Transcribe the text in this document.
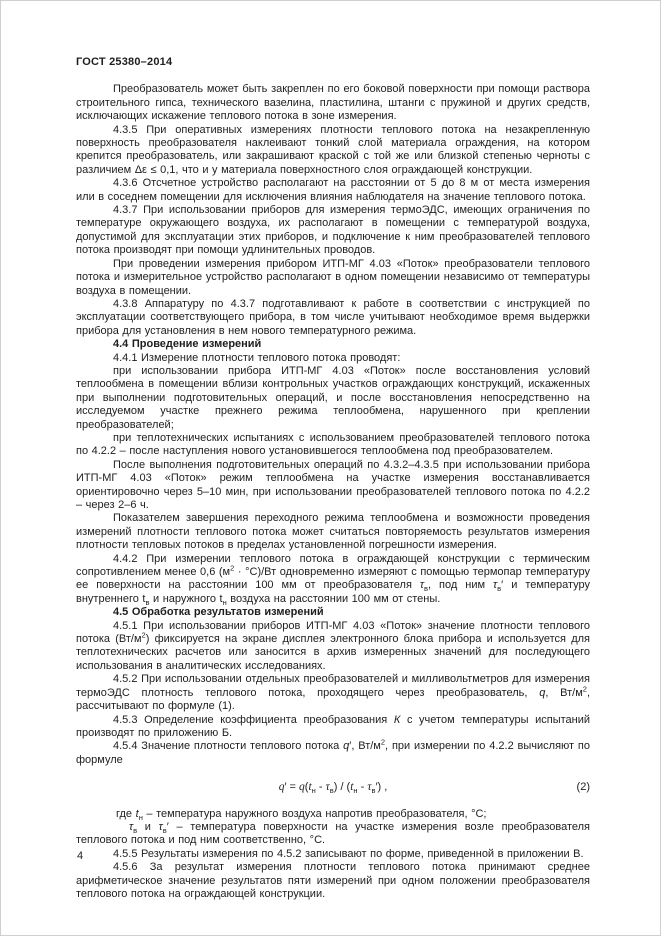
ГОСТ 25380–2014

Преобразователь может быть закреплен по его боковой поверхности при помощи раствора строительного гипса, технического вазелина, пластилина, штанги с пружиной и других средств, исключающих искажение теплового потока в зоне измерения.

4.3.5 При оперативных измерениях плотности теплового потока на незакрепленную поверхность преобразователя наклеивают тонкий слой материала ограждения, на котором крепится преобразователь, или закрашивают краской с той же или близкой степенью черноты с различием Δε ≤ 0,1, что и у материала поверхностного слоя ограждающей конструкции.

4.3.6 Отсчетное устройство располагают на расстоянии от 5 до 8 м от места измерения или в соседнем помещении для исключения влияния наблюдателя на значение теплового потока.

4.3.7 При использовании приборов для измерения термоЭДС, имеющих ограничения по температуре окружающего воздуха, их располагают в помещении с температурой воздуха, допустимой для эксплуатации этих приборов, и подключение к ним преобразователей теплового потока производят при помощи удлинительных проводов.

При проведении измерения прибором ИТП-МГ 4.03 «Поток» преобразователи теплового потока и измерительное устройство располагают в одном помещении независимо от температуры воздуха в помещении.

4.3.8 Аппаратуру по 4.3.7 подготавливают к работе в соответствии с инструкцией по эксплуатации соответствующего прибора, в том числе учитывают необходимое время выдержки прибора для установления в нем нового температурного режима.

4.4 Проведение измерений

4.4.1 Измерение плотности теплового потока проводят:

при использовании прибора ИТП-МГ 4.03 «Поток» после восстановления условий теплообмена в помещении вблизи контрольных участков ограждающих конструкций, искаженных при выполнении подготовительных операций, и после восстановления непосредственно на исследуемом участке прежнего режима теплообмена, нарушенного при креплении преобразователей;

при теплотехнических испытаниях с использованием преобразователей теплового потока по 4.2.2 – после наступления нового установившегося теплообмена под преобразователем.

После выполнения подготовительных операций по 4.3.2–4.3.5 при использовании прибора ИТП-МГ 4.03 «Поток» режим теплообмена на участке измерения восстанавливается ориентировочно через 5–10 мин, при использовании преобразователей теплового потока по 4.2.2 – через 2–6 ч.

Показателем завершения переходного режима теплообмена и возможности проведения измерений плотности теплового потока может считаться повторяемость результатов измерения плотности тепловых потоков в пределах установленной погрешности измерения.

4.4.2 При измерении теплового потока в ограждающей конструкции с термическим сопротивлением менее 0,6 $(м^2 \cdot ^\circ С)/Вт$ одновременно измеряют с помощью термопар температуру ее поверхности на расстоянии 100 мм от преобразователя $\tau_в$, под ним $\tau_в'$ и температуру внутреннего $t_в$ и наружного $t_н$ воздуха на расстоянии 100 мм от стены.

4.5 Обработка результатов измерений

4.5.1 При использовании приборов ИТП-МГ 4.03 «Поток» значение плотности теплового потока $(Вт/м^2)$ фиксируется на экране дисплея электронного блока прибора и используется для теплотехнических расчетов или заносится в архив измеренных значений для последующего использования в аналитических исследованиях.

4.5.2 При использовании отдельных преобразователей и милливольтметров для измерения термоЭДС плотность теплового потока, проходящего через преобразователь, q, $Вт/м^2$, рассчитывают по формуле (1).

4.5.3 Определение коэффициента преобразования К с учетом температуры испытаний производят по приложению Б.

4.5.4 Значение плотности теплового потока q′, $Вт/м^2$, при измерении по 4.2.2 вычисляют по формуле

$q' = q(t_н - \tau_в) / (t_н - \tau_в')$ ,	(2)

где $t_н$ – температура наружного воздуха напротив преобразователя, °С;

$\tau_в$ и $\tau_в'$ – температура поверхности на участке измерения возле преобразователя теплового потока и под ним соответственно, °С.

4.5.5 Результаты измерения по 4.5.2 записывают по форме, приведенной в приложении В.

4.5.6 За результат измерения плотности теплового потока принимают среднее арифметическое значение результатов пяти измерений при одном положении преобразователя теплового потока на ограждающей конструкции.

4
